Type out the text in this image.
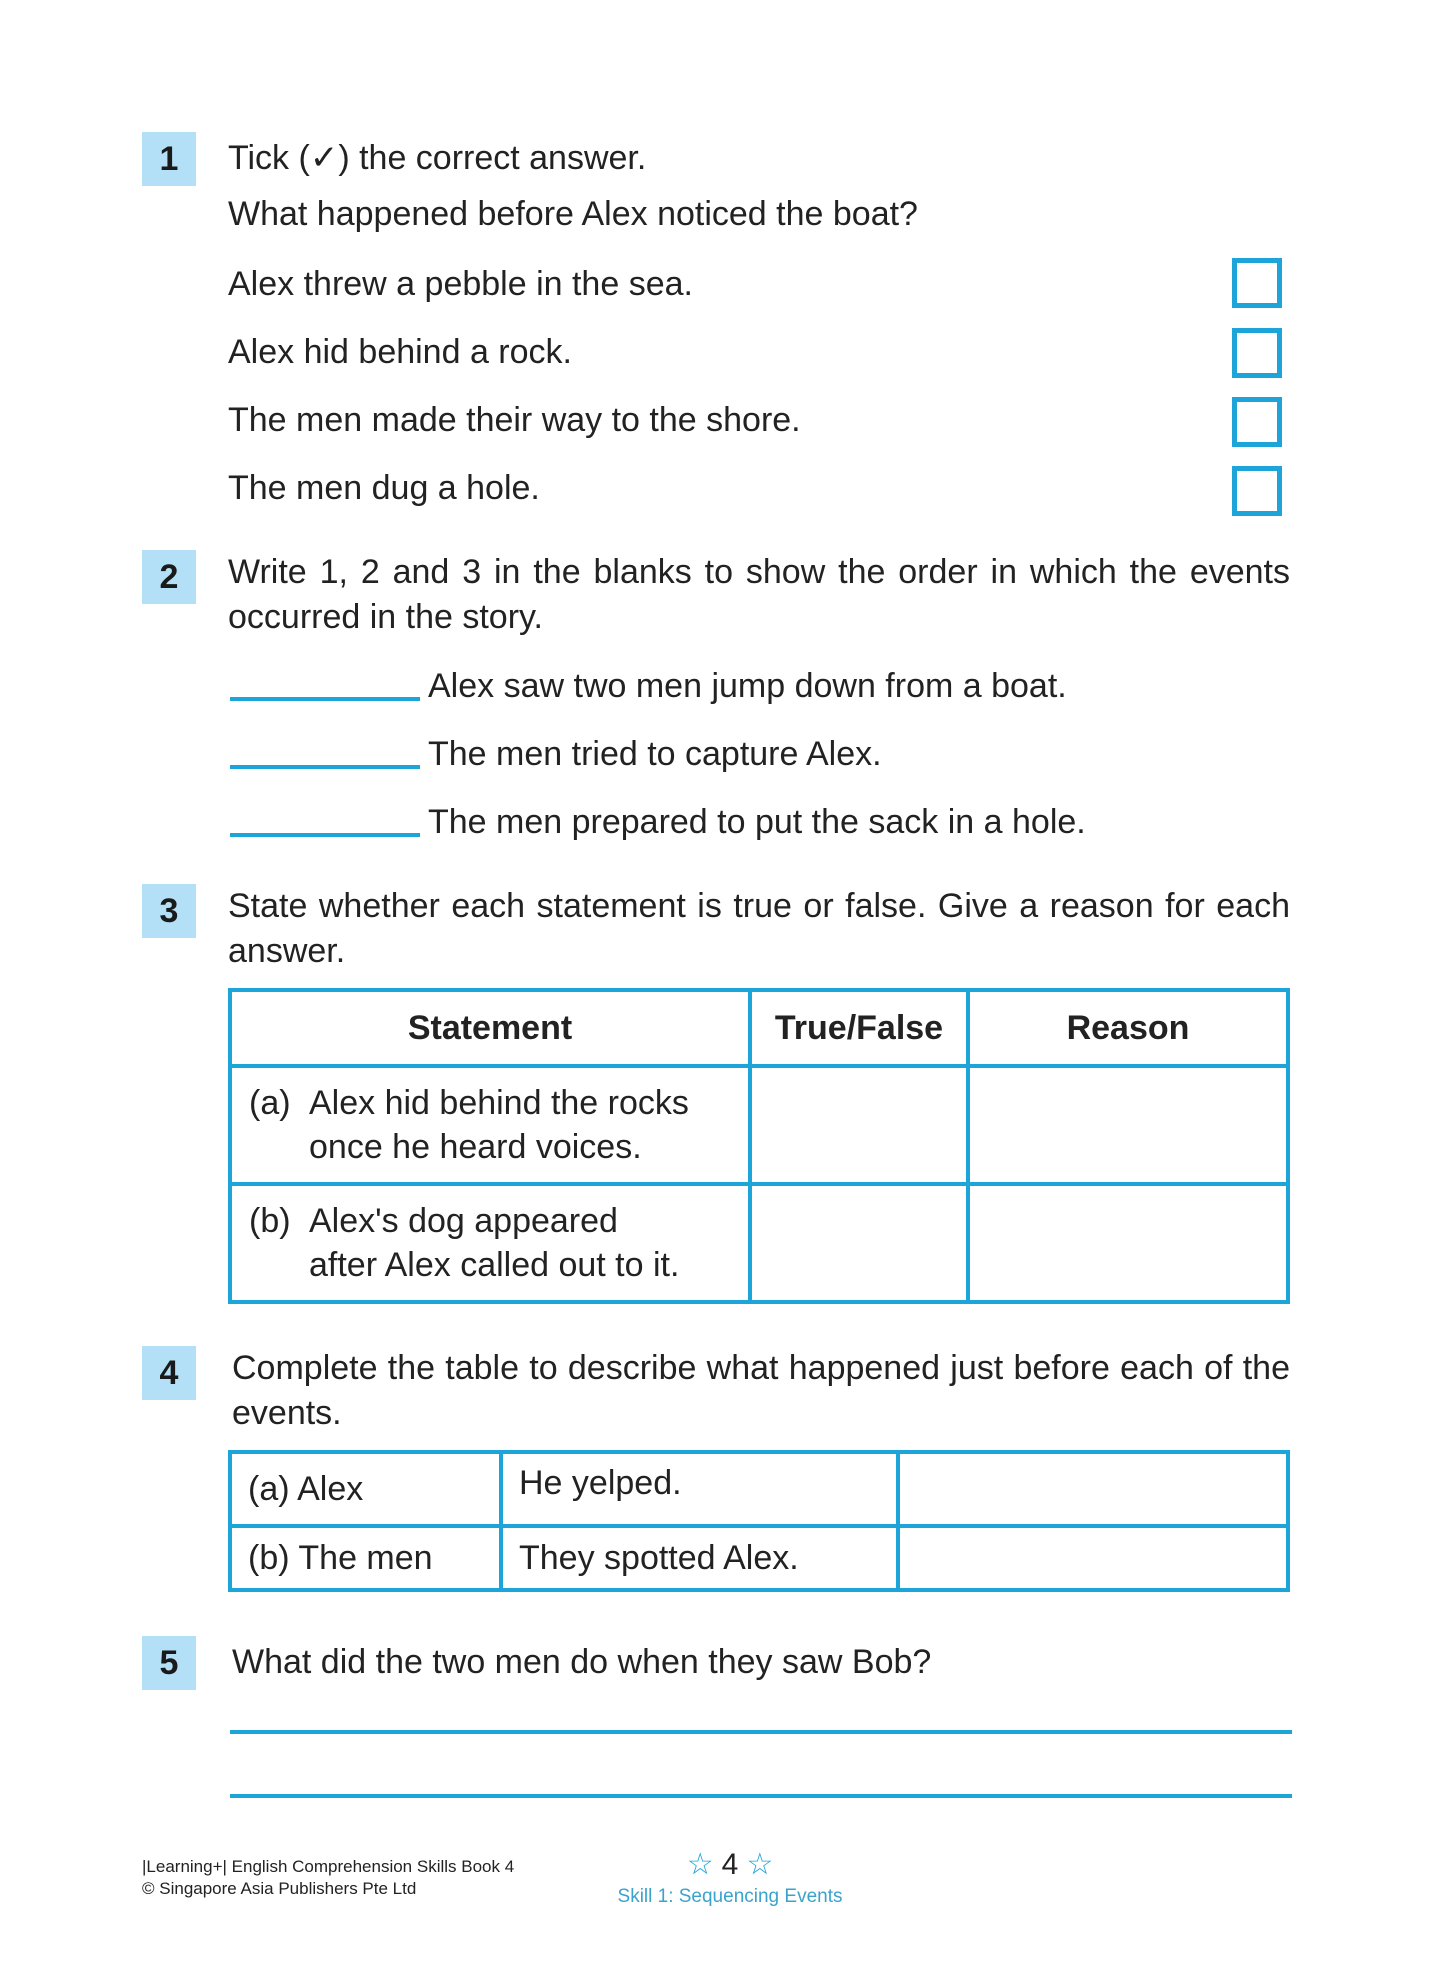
1	Tick (✓) the correct answer.
What happened before Alex noticed the boat?
Alex threw a pebble in the sea.
Alex hid behind a rock.
The men made their way to the shore.
The men dug a hole.
2	Write 1, 2 and 3 in the blanks to show the order in which the events occurred in the story.
Alex saw two men jump down from a boat.
The men tried to capture Alex.
The men prepared to put the sack in a hole.
3	State whether each statement is true or false. Give a reason for each answer.
Statement	True/False	Reason

(a) Alex hid behind the rocks
once he heard voices.		

(b) Alex's dog appeared
after Alex called out to it.		

4	Complete the table to describe what happened just before each of the events.
(a) Alex	He yelped.	
(b) The men	They spotted Alex.	
5	What did the two men do when they saw Bob?
|Learning+| English Comprehension Skills Book 4
© Singapore Asia Publishers Pte Ltd
☆ 4 ☆
Skill 1: Sequencing Events
